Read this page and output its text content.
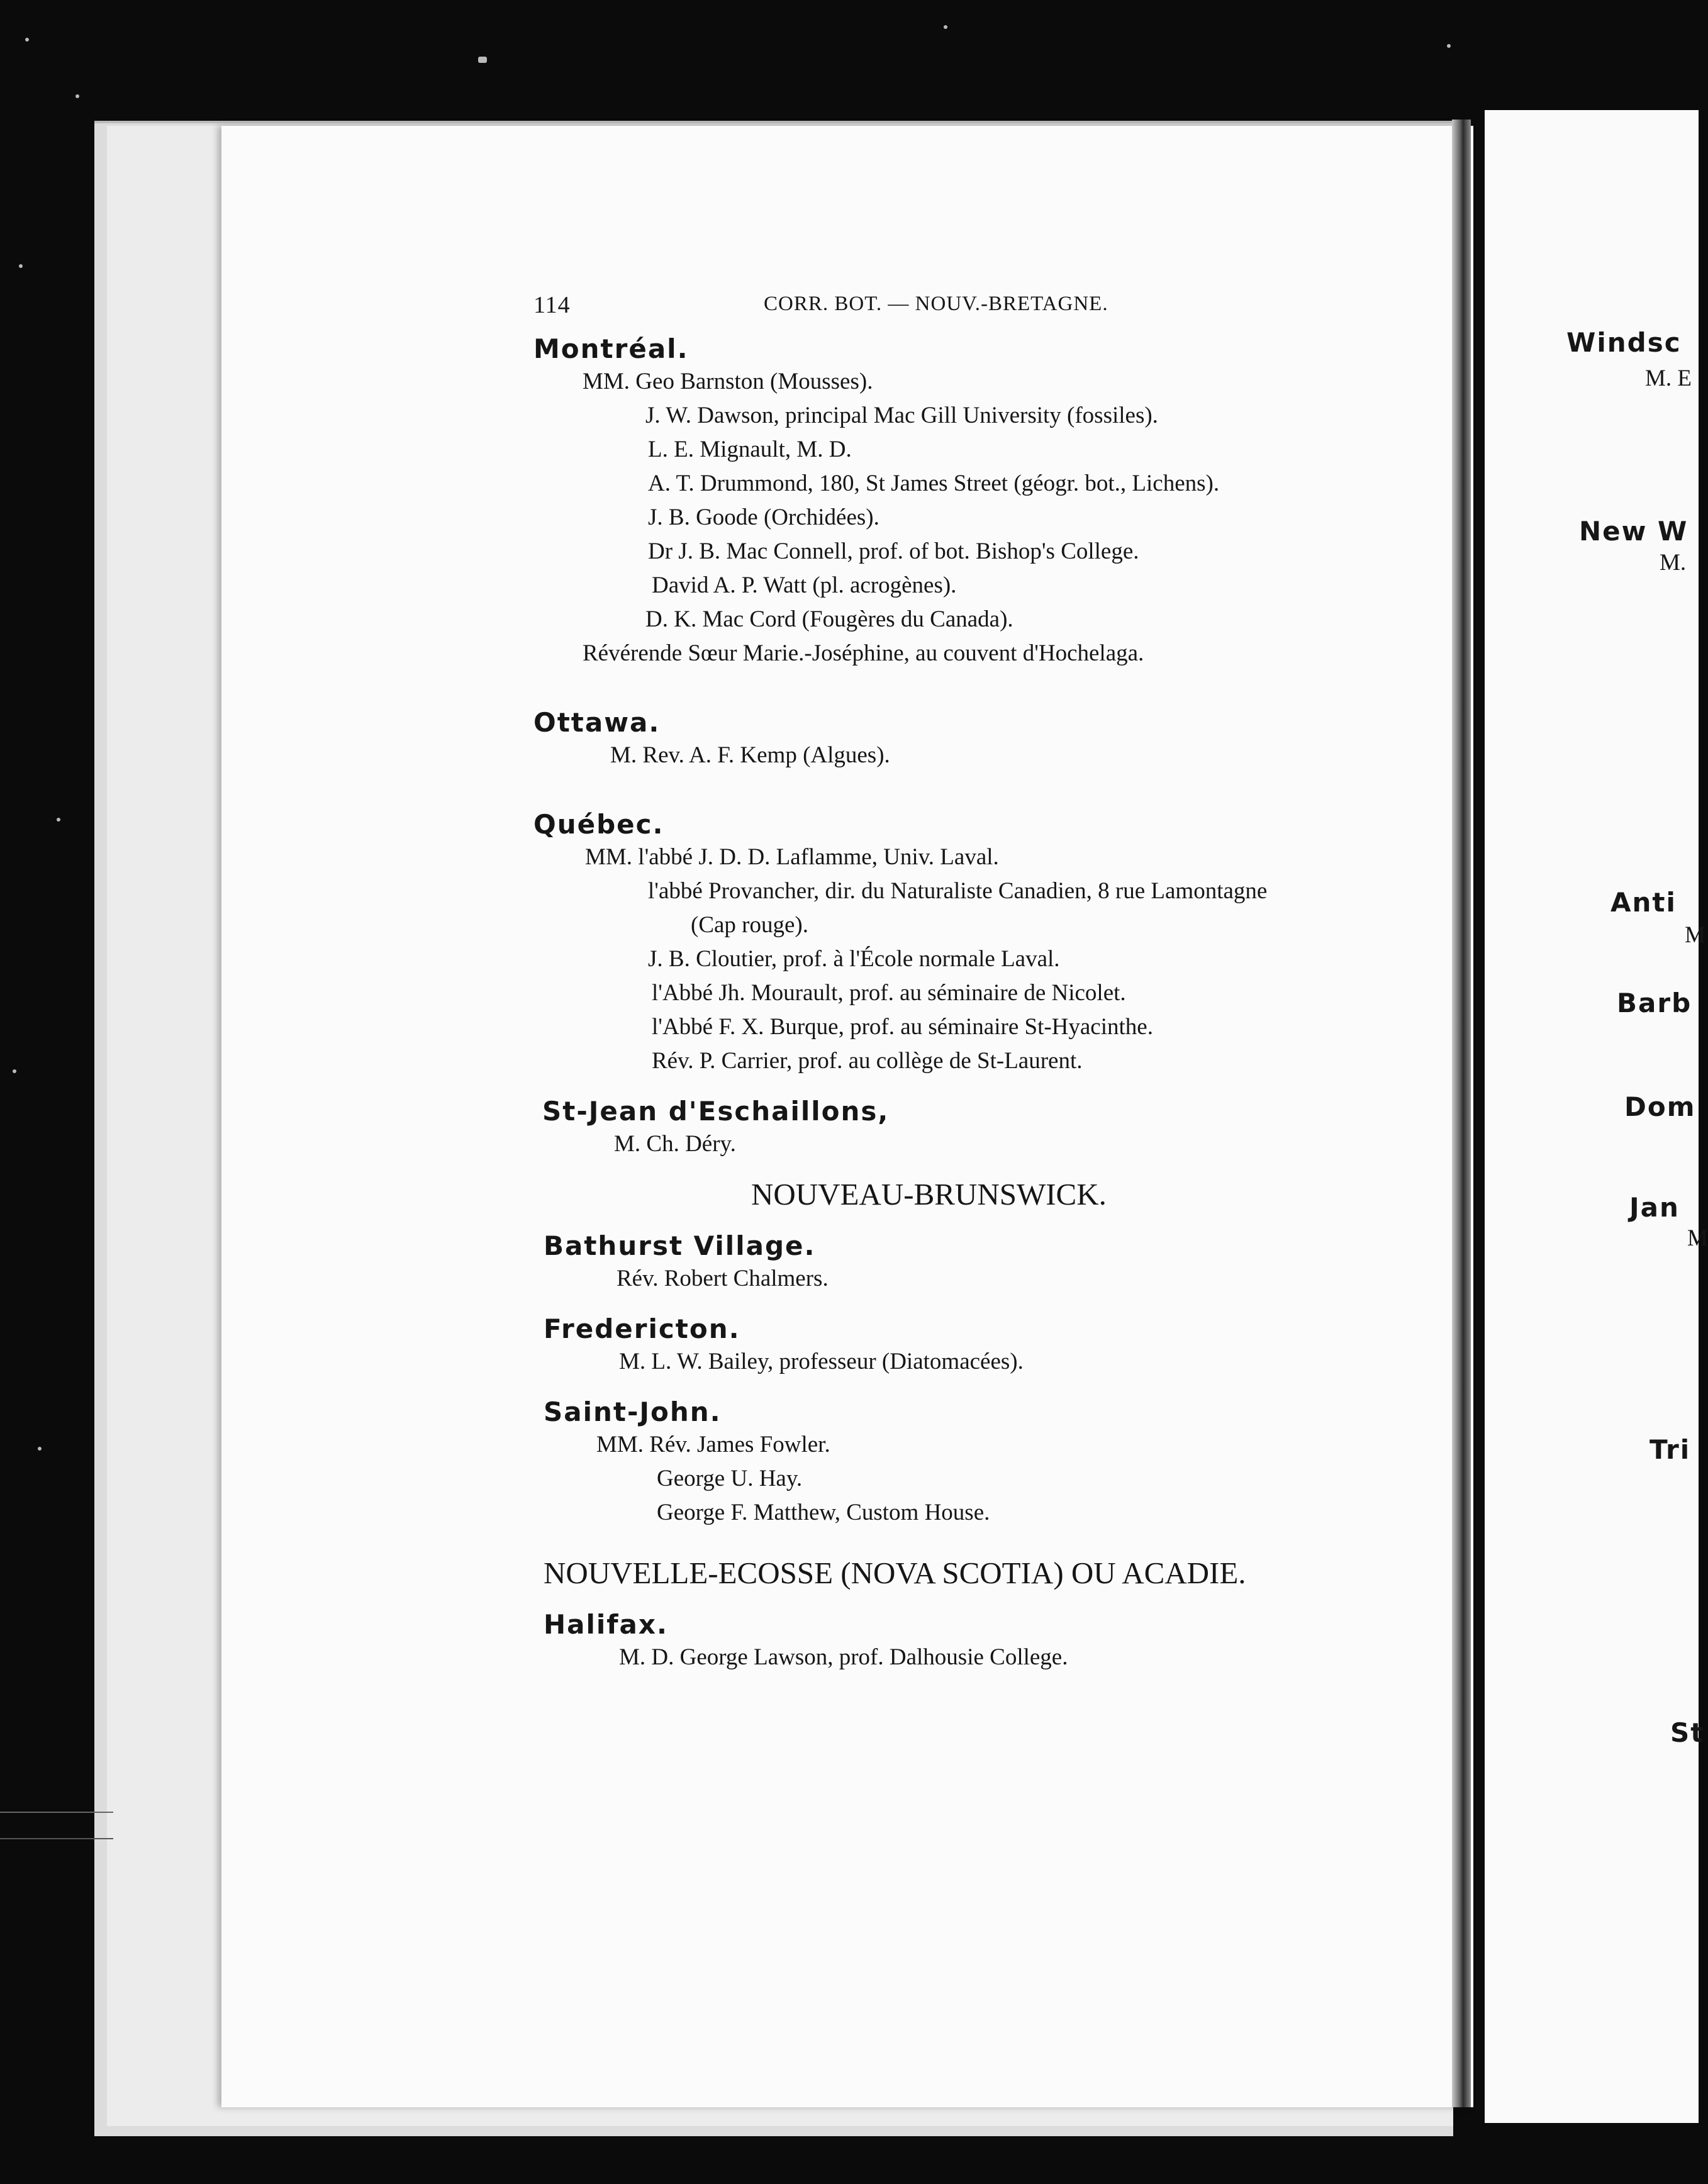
114	CORR. BOT. — NOUV.-BRETAGNE.

Montréal.

MM. Geo Barnston (Mousses).

J. W. Dawson, principal Mac Gill University (fossiles).

L. E. Mignault, M. D.

A. T. Drummond, 180, St James Street (géogr. bot., Lichens).

J. B. Goode (Orchidées).

Dr J. B. Mac Connell, prof. of bot. Bishop's College.

David A. P. Watt (pl. acrogènes).

D. K. Mac Cord (Fougères du Canada).

Révérende Sœur Marie.-Joséphine, au couvent d'Hochelaga.

Ottawa.

M. Rev. A. F. Kemp (Algues).

Québec.

MM. l'abbé J. D. D. Laflamme, Univ. Laval.

l'abbé Provancher, dir. du Naturaliste Canadien, 8 rue Lamontagne

(Cap rouge).

J. B. Cloutier, prof. à l'École normale Laval.

l'Abbé Jh. Mourault, prof. au séminaire de Nicolet.

l'Abbé F. X. Burque, prof. au séminaire St-Hyacinthe.

Rév. P. Carrier, prof. au collège de St-Laurent.

St-Jean d'Eschaillons,

M. Ch. Déry.

NOUVEAU-BRUNSWICK.

Bathurst Village.

Rév. Robert Chalmers.

Fredericton.

M. L. W. Bailey, professeur (Diatomacées).

Saint-John.

MM. Rév. James Fowler.

George U. Hay.

George F. Matthew, Custom House.

NOUVELLE-ECOSSE (NOVA SCOTIA) OU ACADIE.

Halifax.

M. D. George Lawson, prof. Dalhousie College.

Windsc
M. E
New W
M.
Anti
M
Barb
Dom
Jan
M
Tri
St
